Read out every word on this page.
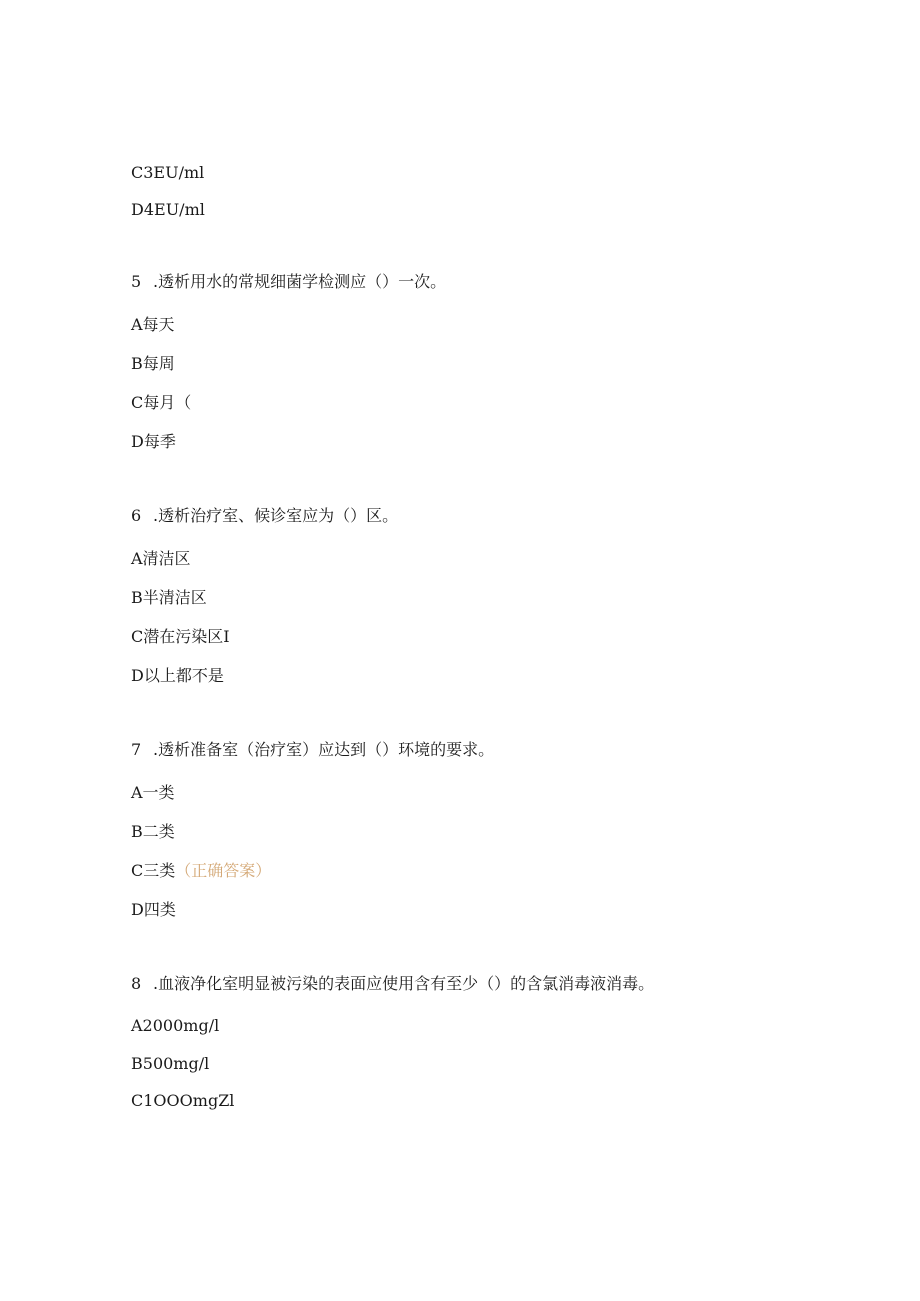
C3EU/ml
D4EU/ml
5 .透析用水的常规细菌学检测应（）一次。
A每天
B每周
C每月（
D每季
6 .透析治疗室、候诊室应为（）区。
A清洁区
B半清洁区
C潜在污染区I
D以上都不是
7 .透析准备室（治疗室）应达到（）环境的要求。
A一类
B二类
C三类（正确答案）
D四类
8 .血液净化室明显被污染的表面应使用含有至少（）的含氯消毒液消毒。
A2000mg/l
B500mg/l
C1OOOmgZl
